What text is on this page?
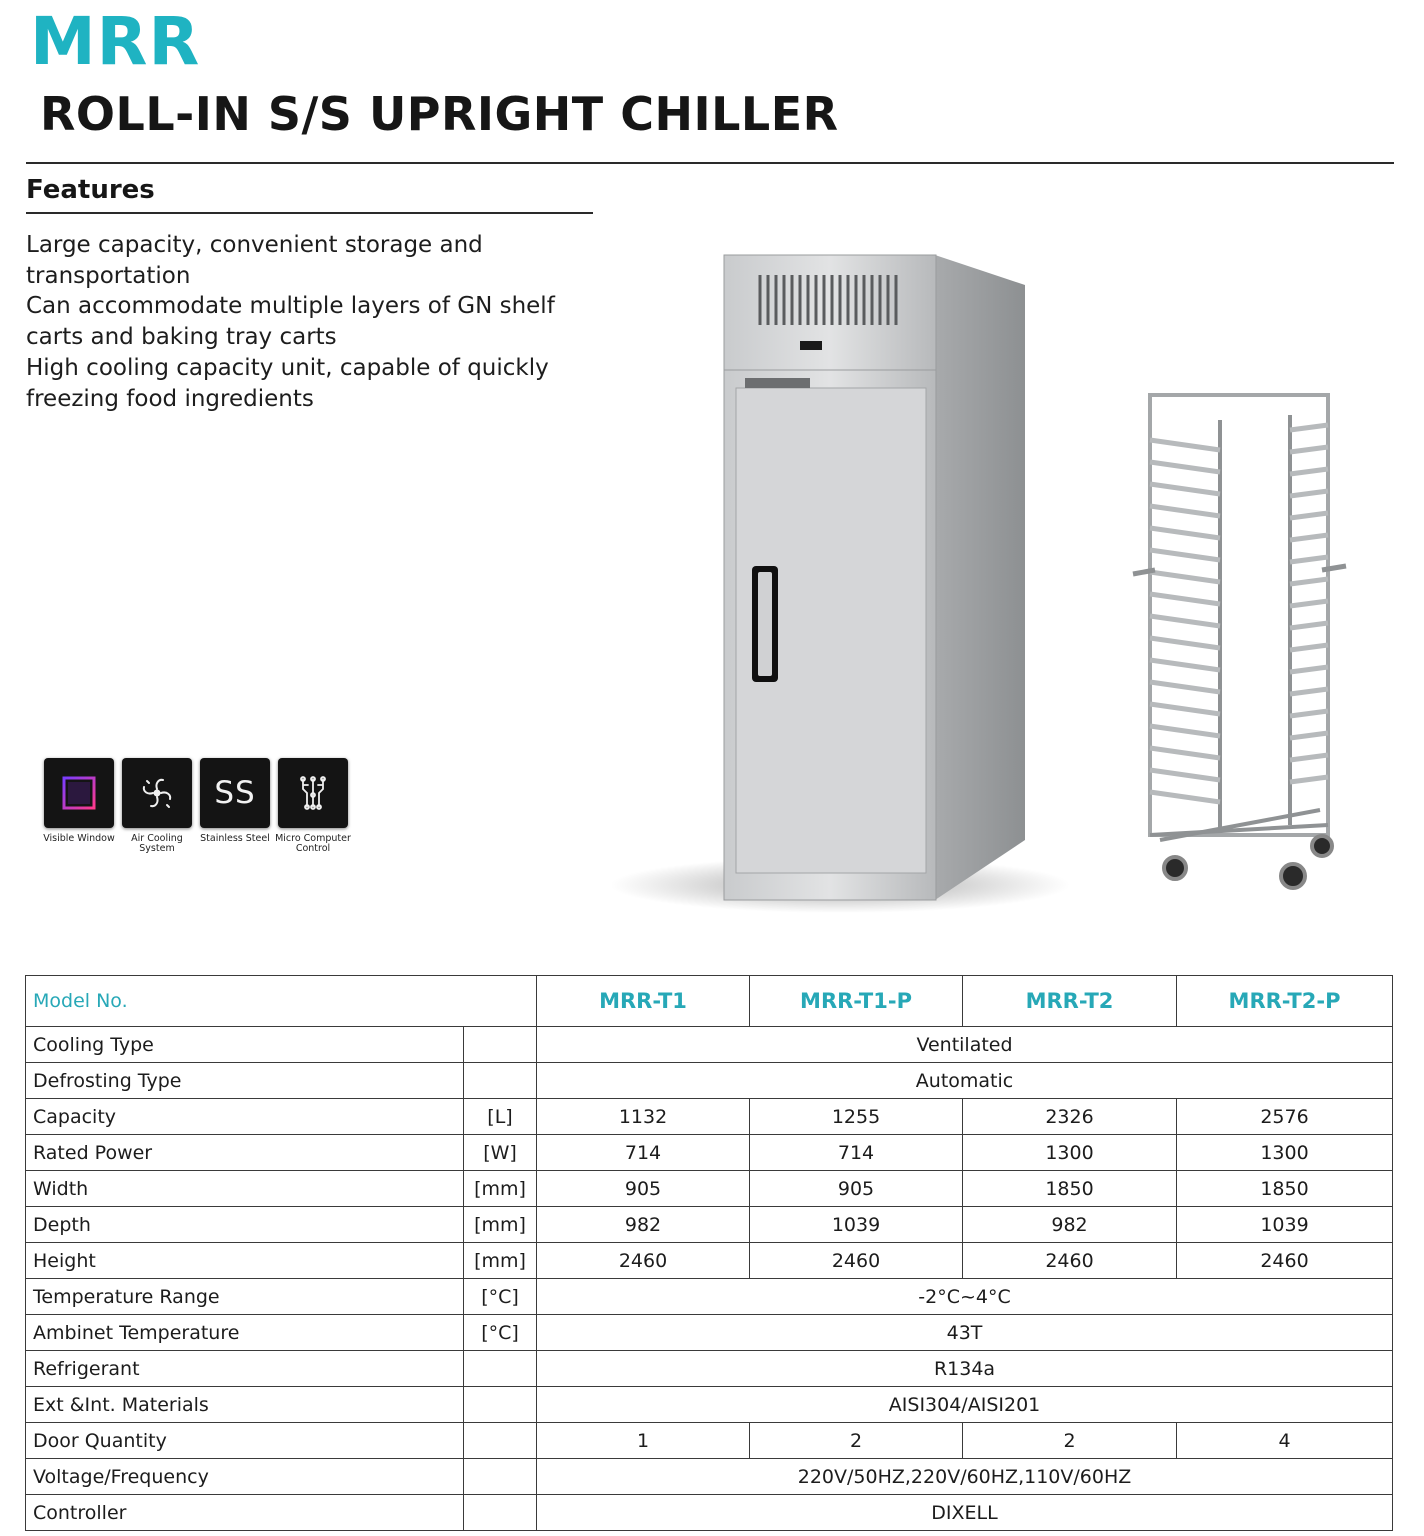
MRR
ROLL-IN S/S UPRIGHT CHILLER
Features
Large capacity, convenient storage and
transportation
Can accommodate multiple layers of GN shelf
carts and baking tray carts
High cooling capacity unit, capable of quickly
freezing food ingredients
SS
Visible Window	Air Cooling System
Stainless Steel Micro Computer Control
Model No.		MRR-T1	MRR-T1-P	MRR-T2	MRR-T2-P
Cooling Type		Ventilated			
Defrosting Type		Automatic			
Capacity	[L]	1132	1255	2326	2576
Rated Power	[W]	714	714	1300	1300
Width	[mm]	905	905	1850	1850
Depth	[mm]	982	1039	982	1039
Height	[mm]	2460	2460	2460	2460
Temperature Range	[°C]	-2°C~4°C			
Ambinet Temperature	[°C]	43T			
Refrigerant		R134a			
Ext &Int. Materials		AISI304/AISI201			
Door Quantity		1	2	2	4
Voltage/Frequency		220V/50HZ,220V/60HZ,110V/60HZ			
Controller		DIXELL			
